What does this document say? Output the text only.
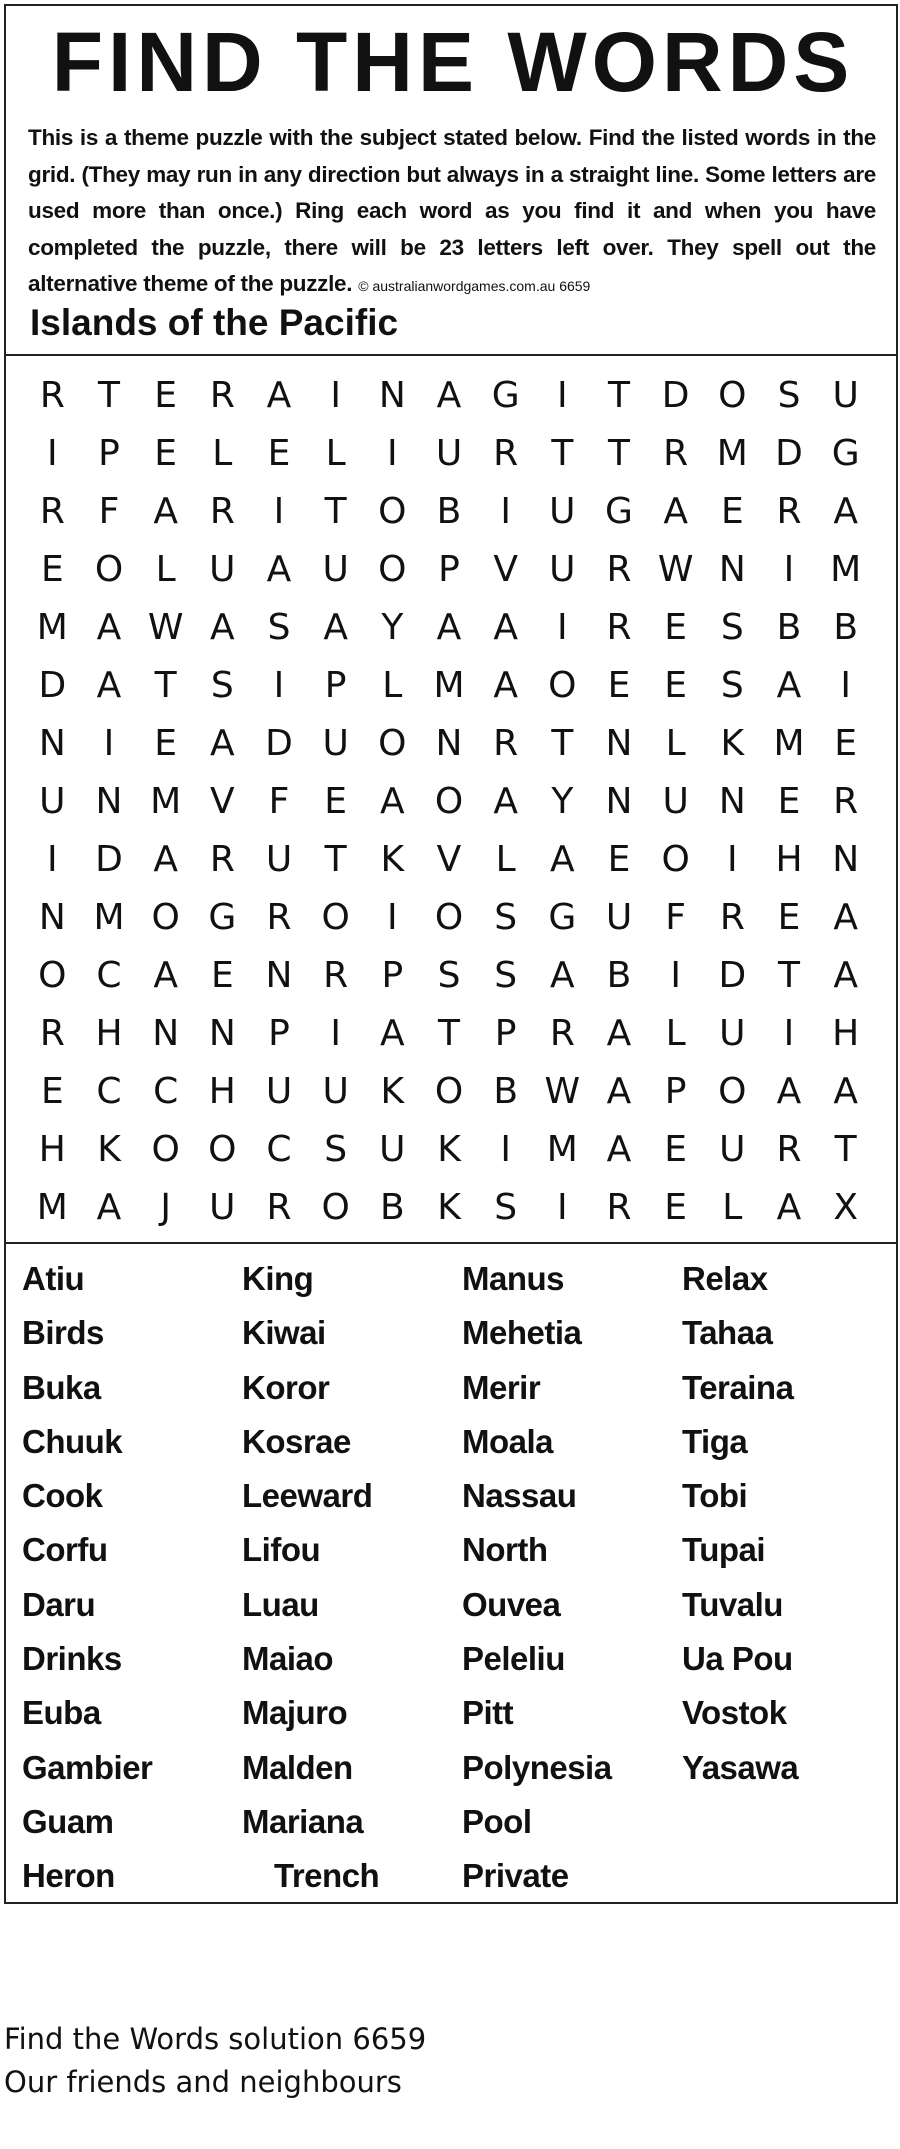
FIND THE WORDS

This is a theme puzzle with the subject stated below. Find the listed words in the grid. (They may run in any direction but always in a straight line. Some letters are used more than once.) Ring each word as you find it and when you have completed the puzzle, there will be 23 letters left over. They spell out the alternative theme of the puzzle. © australianwordgames.com.au 6659

Islands of the Pacific
R T E R A	I	N A G	I	T D O S U
I	P E L E L	I	U R T T R M D G
R F A R	I	T O B	I	U G A E R A
E O L U A U O P V U R W N	I M
M A W A S A Y A A	I	R E S B B
D A T S	I	P L M A O E E S A	I
N	I	E A D U O N R T N L K M E
U N M V F E A O A Y N U N E R
I	D A R U T K V L A E O	I	H N
N M O G R O	I	O S G U F R E A
O C A E N R P S S A B	I	D T A
R H N N P	I	A T P R A L U	I	H
E C C H U U K O B W A P O A A
H K O O C S U K	I M A E U R T
M A	J	U R O B K S	I	R E L A X
Atiu
Birds
Buka
Chuuk
Cook
Corfu
Daru
Drinks
Euba
Gambier
Guam
Heron
King
Kiwai
Koror
Kosrae
Leeward
Lifou
Luau
Maiao
Majuro
Malden
Mariana
Trench
Manus
Mehetia
Merir
Moala
Nassau
North
Ouvea
Peleliu
Pitt
Polynesia
Pool
Private
Relax
Tahaa
Teraina
Tiga
Tobi
Tupai
Tuvalu
Ua Pou
Vostok
Yasawa

Find the Words solution 6659

Our friends and neighbours
